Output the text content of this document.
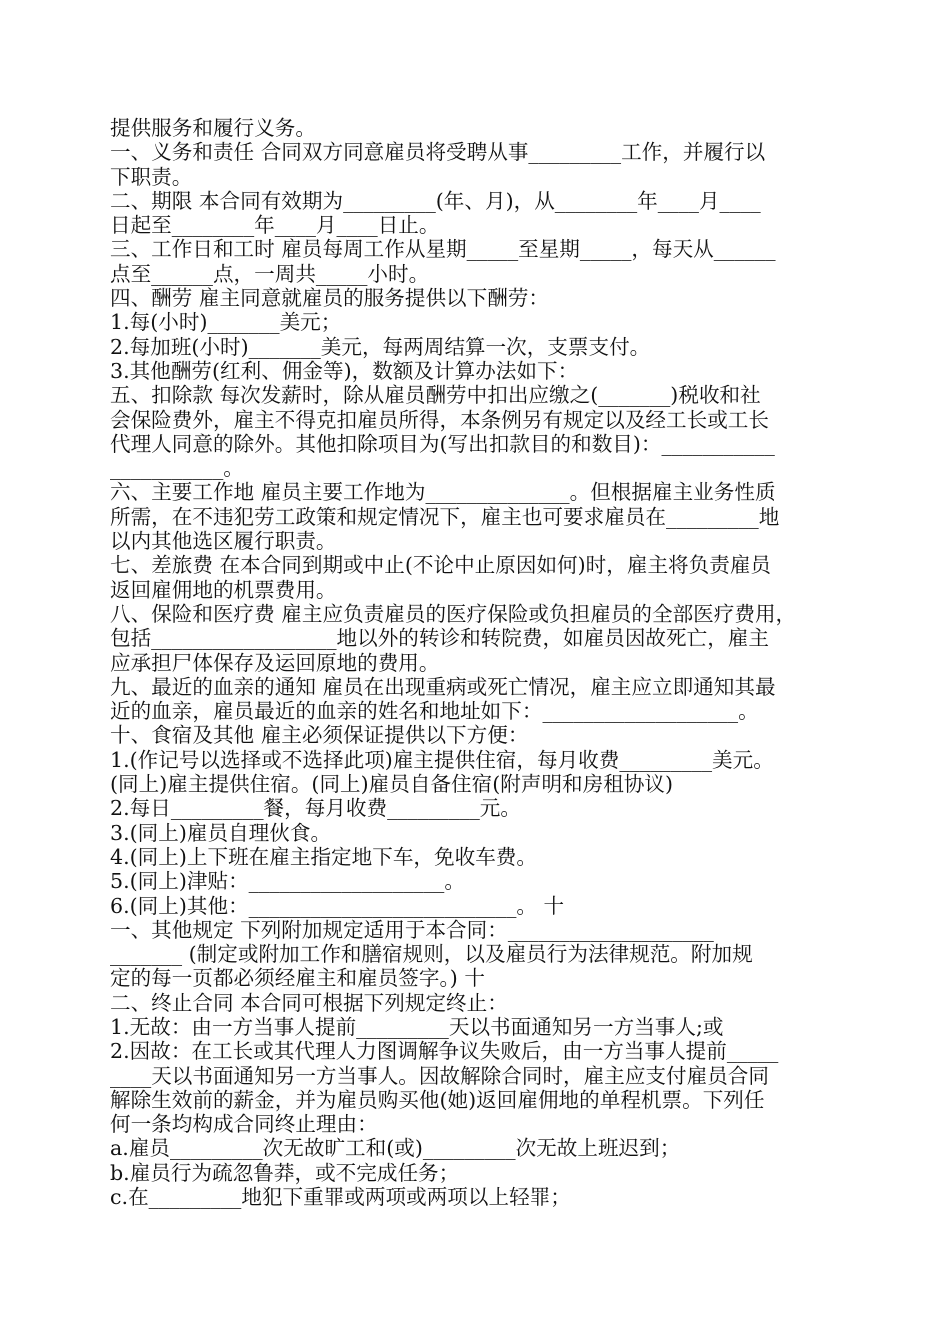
提供服务和履行义务。
一、义务和责任 合同双方同意雇员将受聘从事_________工作，并履行以
下职责。
二、期限 本合同有效期为_________(年、月)，从________年____月____
日起至________年____月____日止。
三、工作日和工时 雇员每周工作从星期_____至星期_____，每天从______
点至______点，一周共_____小时。
四、酬劳 雇主同意就雇员的服务提供以下酬劳：
1.每(小时)_______美元；
2.每加班(小时)_______美元，每两周结算一次，支票支付。
3.其他酬劳(红利、佣金等)，数额及计算办法如下：
五、扣除款 每次发薪时，除从雇员酬劳中扣出应缴之(_______)税收和社
会保险费外，雇主不得克扣雇员所得，本条例另有规定以及经工长或工长
代理人同意的除外。其他扣除项目为(写出扣款目的和数目)：___________
___________。
六、主要工作地 雇员主要工作地为______________。但根据雇主业务性质
所需，在不违犯劳工政策和规定情况下，雇主也可要求雇员在_________地
以内其他选区履行职责。
七、差旅费 在本合同到期或中止(不论中止原因如何)时，雇主将负责雇员
返回雇佣地的机票费用。
八、保险和医疗费 雇主应负责雇员的医疗保险或负担雇员的全部医疗费用，
包括__________________地以外的转诊和转院费，如雇员因故死亡，雇主
应承担尸体保存及运回原地的费用。
九、最近的血亲的通知 雇员在出现重病或死亡情况，雇主应立即通知其最
近的血亲，雇员最近的血亲的姓名和地址如下：___________________。
十、食宿及其他 雇主必须保证提供以下方便：
1.(作记号以选择或不选择此项)雇主提供住宿，每月收费_________美元。
(同上)雇主提供住宿。(同上)雇员自备住宿(附声明和房租协议)
2.每日_________餐，每月收费_________元。
3.(同上)雇员自理伙食。
4.(同上)上下班在雇主指定地下车，免收车费。
5.(同上)津贴：___________________。
6.(同上)其他：__________________________。 十
一、其他规定 下列附加规定适用于本合同：____________________
_______ (制定或附加工作和膳宿规则，以及雇员行为法律规范。附加规
定的每一页都必须经雇主和雇员签字。) 十
二、终止合同 本合同可根据下列规定终止：
1.无故：由一方当事人提前_________天以书面通知另一方当事人;或
2.因故：在工长或其代理人力图调解争议失败后，由一方当事人提前_____
____天以书面通知另一方当事人。因故解除合同时，雇主应支付雇员合同
解除生效前的薪金，并为雇员购买他(她)返回雇佣地的单程机票。下列任
何一条均构成合同终止理由：
a.雇员_________次无故旷工和(或)_________次无故上班迟到；
b.雇员行为疏忽鲁莽，或不完成任务；
c.在_________地犯下重罪或两项或两项以上轻罪；
